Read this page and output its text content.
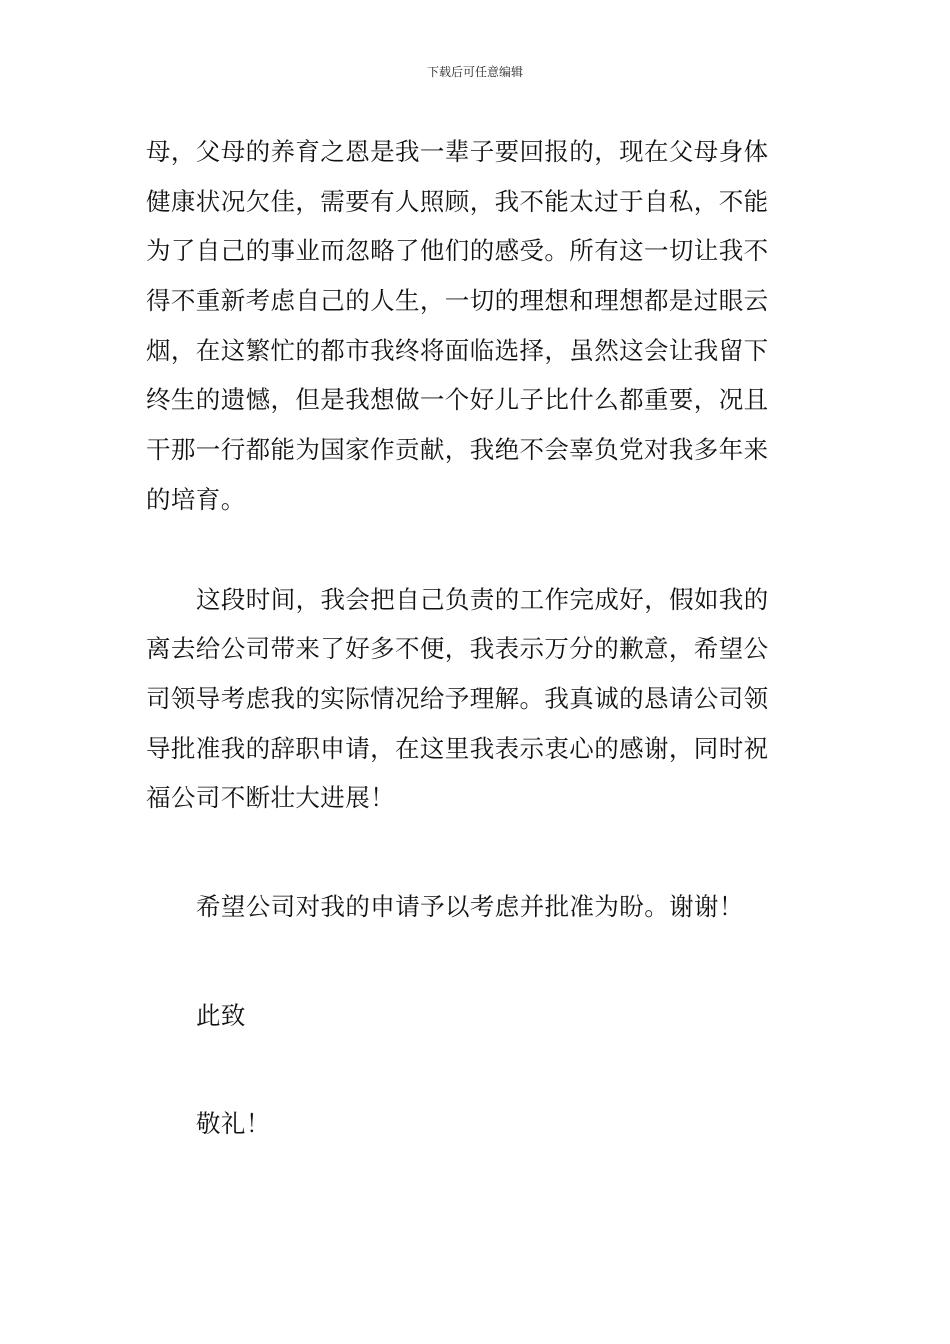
下载后可任意编辑
母，父母的养育之恩是我一辈子要回报的，现在父母身体
健康状况欠佳，需要有人照顾，我不能太过于自私，不能
为了自己的事业而忽略了他们的感受。所有这一切让我不
得不重新考虑自己的人生，一切的理想和理想都是过眼云
烟，在这繁忙的都市我终将面临选择，虽然这会让我留下
终生的遗憾，但是我想做一个好儿子比什么都重要，况且
干那一行都能为国家作贡献，我绝不会辜负党对我多年来
的培育。
这段时间，我会把自己负责的工作完成好，假如我的
离去给公司带来了好多不便，我表示万分的歉意，希望公
司领导考虑我的实际情况给予理解。我真诚的恳请公司领
导批准我的辞职申请，在这里我表示衷心的感谢，同时祝
福公司不断壮大进展！
希望公司对我的申请予以考虑并批准为盼。谢谢！
此致
敬礼！
